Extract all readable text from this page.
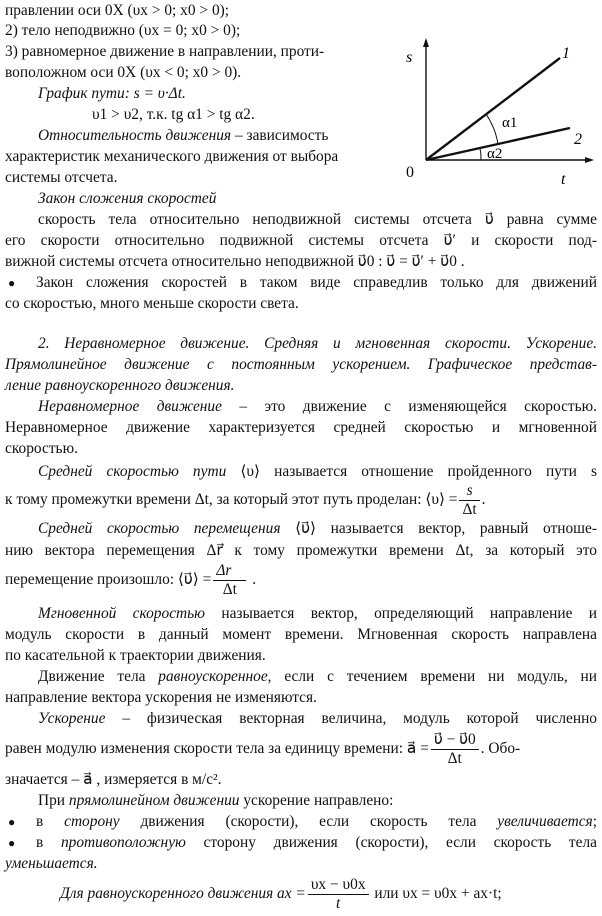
s
t
0
1
2
α1
α2
правлении оси 0X (υx > 0; x0 > 0);
2) тело неподвижно (υx = 0; x0 > 0);
3) равномерное движение в направлении, проти-
воположном оси 0X (υx < 0; x0 > 0).
График пути: s = υ·Δt.
υ1 > υ2, т.к. tg α1 > tg α2.
Относительность движения – зависимость
характеристик механического движения от выбора
системы отсчета.
Закон сложения скоростей
скорость тела относительно неподвижной системы отсчета υ⃗ равна сумме
его скорости относительно подвижной системы отсчета υ⃗′ и скорости под-
вижной системы отсчета относительно неподвижной υ⃗0 : υ⃗ = υ⃗′ + υ⃗0 .
● Закон сложения скоростей в таком виде справедлив только для движений
со скоростью, много меньше скорости света.
2. Неравномерное движение. Средняя и мгновенная скорости. Ускорение.
Прямолинейное движение с постоянным ускорением. Графическое представ-
ление равноускоренного движения.
Неравномерное движение – это движение с изменяющейся скоростью.
Неравномерное движение характеризуется средней скоростью и мгновенной
скоростью.
Средней скоростью пути ⟨υ⟩ называется отношение пройденного пути s
к тому промежутки времени Δt, за который этот путь проделан: ⟨υ⟩ = $\frac{s}{\Delta t}$ .
Средней скоростью перемещения ⟨υ⃗⟩ называется вектор, равный отноше-
нию вектора перемещения Δr⃗ к тому промежутки времени Δt, за который это
перемещение произошло: ⟨υ⃗⟩ = $\frac{\Delta r⃗}{\Delta t}$ .
Мгновенной скоростью называется вектор, определяющий направление и
модуль скорости в данный момент времени. Мгновенная скорость направлена
по касательной к траектории движения.
Движение тела равноускоренное, если с течением времени ни модуль, ни
направление вектора ускорения не изменяются.
Ускорение – физическая векторная величина, модуль которой численно
равен модулю изменения скорости тела за единицу времени: a⃗ = $\frac{\upsilon⃗ - \upsilon⃗0}{\Delta t}$ . Обо-
значается – a⃗ , измеряется в м/с².
При прямолинейном движении ускорение направлено:
● в сторону движения (скорости), если скорость тела увеличивается;
● в противоположную сторону движения (скорости), если скорость тела
уменьшается.
Для равноускоренного движения ax = $\frac{\upsilon x - \upsilon 0x}{t}$ или υx = υ0x + ax·t;
